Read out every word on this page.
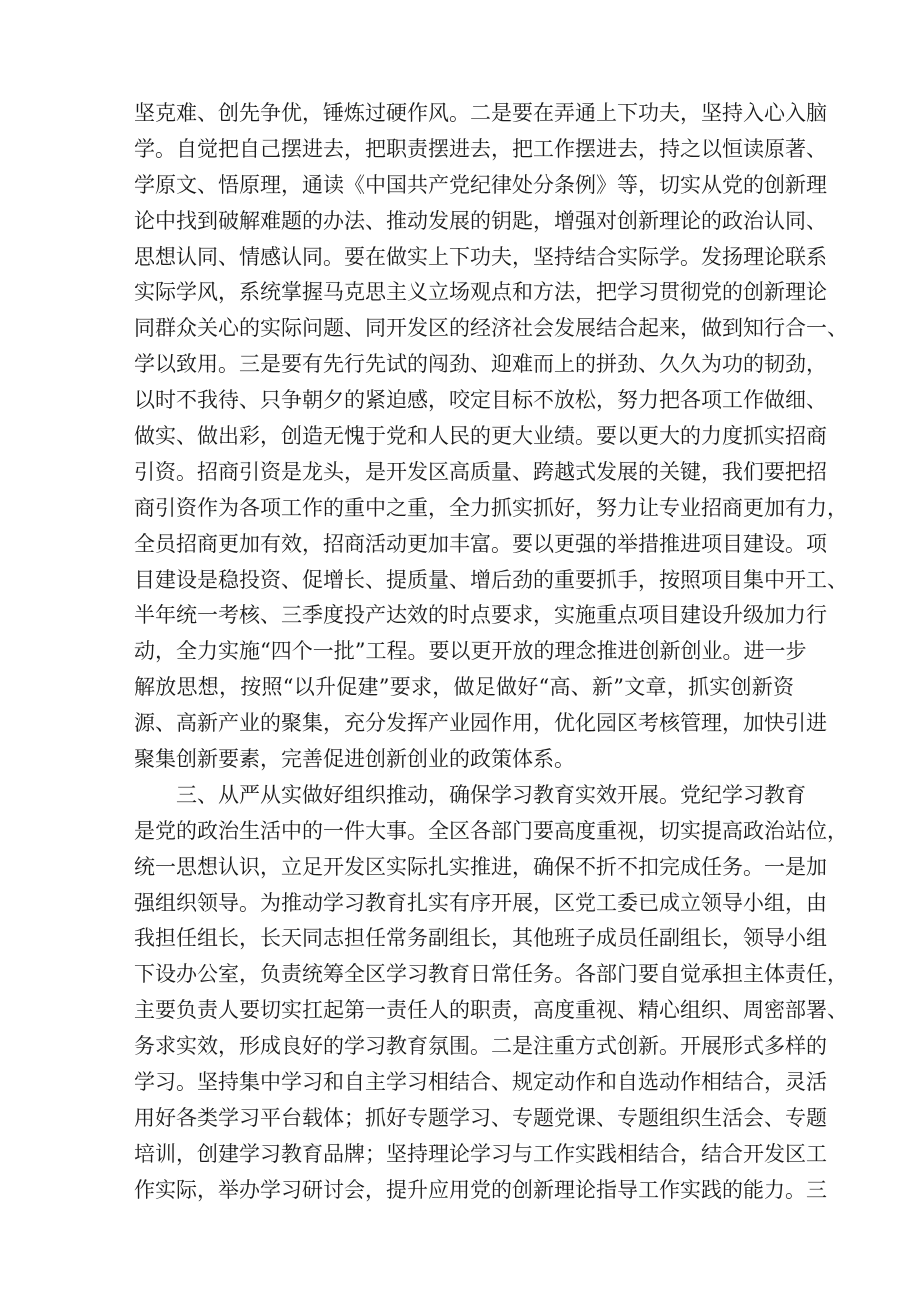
坚克难、创先争优，锤炼过硬作风。二是要在弄通上下功夫，坚持入心入脑
学。自觉把自己摆进去，把职责摆进去，把工作摆进去，持之以恒读原著、
学原文、悟原理，通读《中国共产党纪律处分条例》等，切实从党的创新理
论中找到破解难题的办法、推动发展的钥匙，增强对创新理论的政治认同、
思想认同、情感认同。要在做实上下功夫，坚持结合实际学。发扬理论联系
实际学风，系统掌握马克思主义立场观点和方法，把学习贯彻党的创新理论
同群众关心的实际问题、同开发区的经济社会发展结合起来，做到知行合一、
学以致用。三是要有先行先试的闯劲、迎难而上的拼劲、久久为功的韧劲，
以时不我待、只争朝夕的紧迫感，咬定目标不放松，努力把各项工作做细、
做实、做出彩，创造无愧于党和人民的更大业绩。要以更大的力度抓实招商
引资。招商引资是龙头，是开发区高质量、跨越式发展的关键，我们要把招
商引资作为各项工作的重中之重，全力抓实抓好，努力让专业招商更加有力，
全员招商更加有效，招商活动更加丰富。要以更强的举措推进项目建设。项
目建设是稳投资、促增长、提质量、增后劲的重要抓手，按照项目集中开工、
半年统一考核、三季度投产达效的时点要求，实施重点项目建设升级加力行
动，全力实施“四个一批”工程。要以更开放的理念推进创新创业。进一步
解放思想，按照“以升促建”要求，做足做好“高、新”文章，抓实创新资
源、高新产业的聚集，充分发挥产业园作用，优化园区考核管理，加快引进
聚集创新要素，完善促进创新创业的政策体系。
三、从严从实做好组织推动，确保学习教育实效开展。党纪学习教育
是党的政治生活中的一件大事。全区各部门要高度重视，切实提高政治站位，
统一思想认识，立足开发区实际扎实推进，确保不折不扣完成任务。一是加
强组织领导。为推动学习教育扎实有序开展，区党工委已成立领导小组，由
我担任组长，长天同志担任常务副组长，其他班子成员任副组长，领导小组
下设办公室，负责统筹全区学习教育日常任务。各部门要自觉承担主体责任，
主要负责人要切实扛起第一责任人的职责，高度重视、精心组织、周密部署、
务求实效，形成良好的学习教育氛围。二是注重方式创新。开展形式多样的
学习。坚持集中学习和自主学习相结合、规定动作和自选动作相结合，灵活
用好各类学习平台载体；抓好专题学习、专题党课、专题组织生活会、专题
培训，创建学习教育品牌；坚持理论学习与工作实践相结合，结合开发区工
作实际，举办学习研讨会，提升应用党的创新理论指导工作实践的能力。三
